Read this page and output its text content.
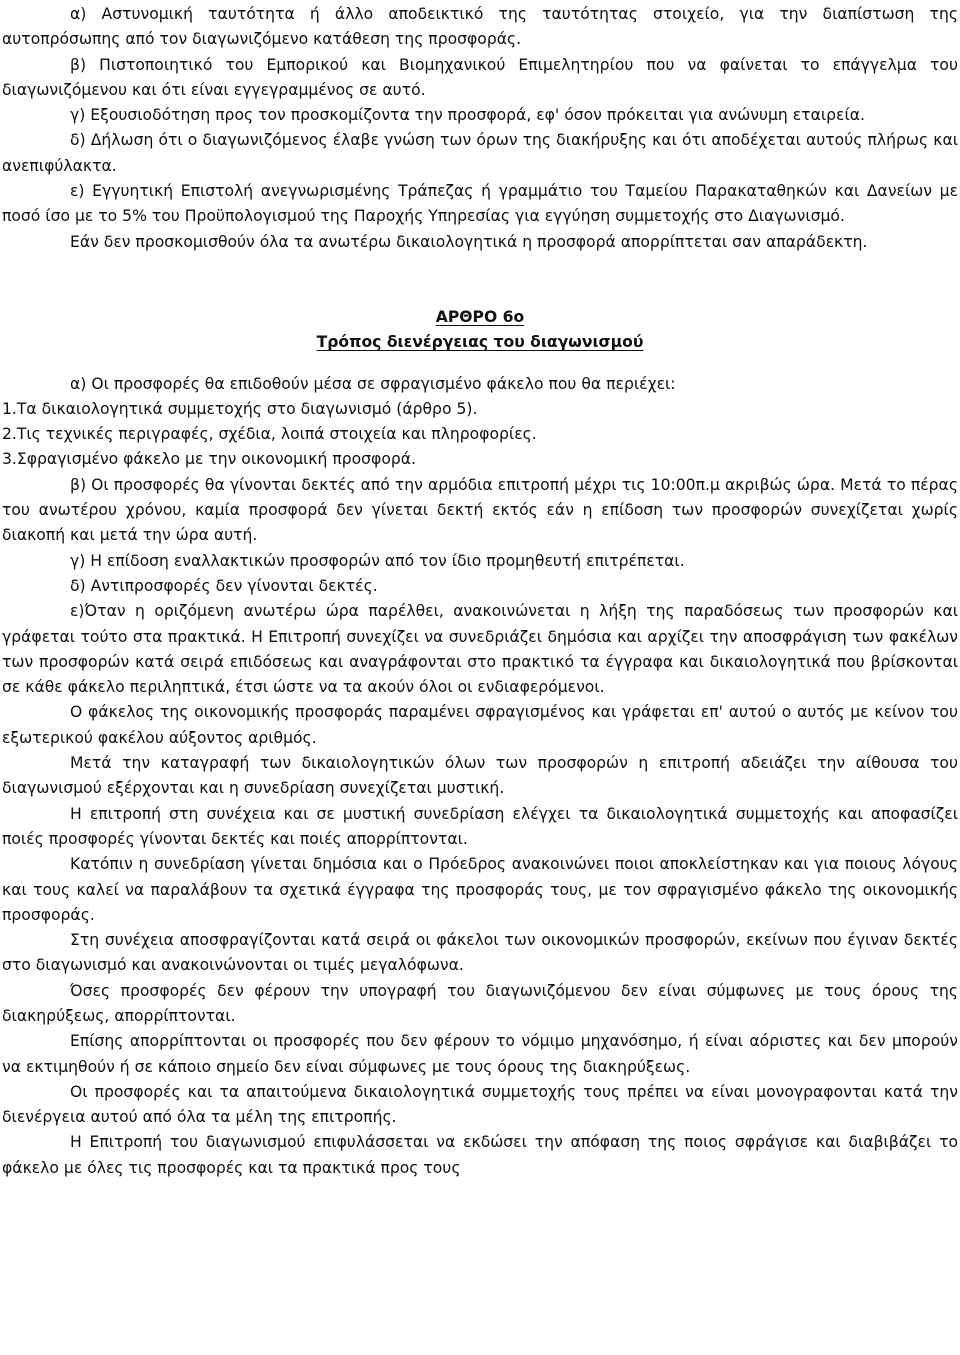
α) Αστυνομική ταυτότητα ή άλλο αποδεικτικό της ταυτότητας στοιχείο, για την διαπίστωση της αυτοπρόσωπης από τον διαγωνιζόμενο κατάθεση της προσφοράς.

β) Πιστοποιητικό του Εμπορικού και Βιομηχανικού Επιμελητηρίου που να φαίνεται το επάγγελμα του διαγωνιζόμενου και ότι είναι εγγεγραμμένος σε αυτό.

γ) Εξουσιοδότηση προς τον προσκομίζοντα την προσφορά, εφ' όσον πρόκειται για ανώνυμη εταιρεία.

δ) Δήλωση ότι ο διαγωνιζόμενος έλαβε γνώση των όρων της διακήρυξης και ότι αποδέχεται αυτούς πλήρως και ανεπιφύλακτα.

ε) Εγγυητική Επιστολή ανεγνωρισμένης Τράπεζας ή γραμμάτιο του Ταμείου Παρακαταθηκών και Δανείων με ποσό ίσο με το 5% του Προϋπολογισμού της Παροχής Υπηρεσίας για εγγύηση συμμετοχής στο Διαγωνισμό.

Εάν δεν προσκομισθούν όλα τα ανωτέρω δικαιολογητικά η προσφορά απορρίπτεται σαν απαράδεκτη.

ΑΡΘΡΟ 6ο

Τρόπος διενέργειας του διαγωνισμού

α) Οι προσφορές θα επιδοθούν μέσα σε σφραγισμένο φάκελο που θα περιέχει:

1.Τα δικαιολογητικά συμμετοχής στο διαγωνισμό (άρθρο 5).

2.Τις τεχνικές περιγραφές, σχέδια, λοιπά στοιχεία και πληροφορίες.

3.Σφραγισμένο φάκελο με την οικονομική προσφορά.

β) Οι προσφορές θα γίνονται δεκτές από την αρμόδια επιτροπή μέχρι τις 10:00π.μ ακριβώς ώρα. Μετά το πέρας του ανωτέρου χρόνου, καμία προσφορά δεν γίνεται δεκτή εκτός εάν η επίδοση των προσφορών συνεχίζεται χωρίς διακοπή και μετά την ώρα αυτή.

γ) Η επίδοση εναλλακτικών προσφορών από τον ίδιο προμηθευτή επιτρέπεται.

δ) Αντιπροσφορές δεν γίνονται δεκτές.

ε)Όταν η οριζόμενη ανωτέρω ώρα παρέλθει, ανακοινώνεται η λήξη της παραδόσεως των προσφορών και γράφεται τούτο στα πρακτικά. Η Επιτροπή συνεχίζει να συνεδριάζει δημόσια και αρχίζει την αποσφράγιση των φακέλων των προσφορών κατά σειρά επιδόσεως και αναγράφονται στο πρακτικό τα έγγραφα και δικαιολογητικά που βρίσκονται σε κάθε φάκελο περιληπτικά, έτσι ώστε να τα ακούν όλοι οι ενδιαφερόμενοι.

Ο φάκελος της οικονομικής προσφοράς παραμένει σφραγισμένος και γράφεται επ' αυτού ο αυτός με κείνον του εξωτερικού φακέλου αύξοντος αριθμός.

Μετά την καταγραφή των δικαιολογητικών όλων των προσφορών η επιτροπή αδειάζει την αίθουσα του διαγωνισμού εξέρχονται και η συνεδρίαση συνεχίζεται μυστική.

Η επιτροπή στη συνέχεια και σε μυστική συνεδρίαση ελέγχει τα δικαιολογητικά συμμετοχής και αποφασίζει ποιές προσφορές γίνονται δεκτές και ποιές απορρίπτονται.

Κατόπιν η συνεδρίαση γίνεται δημόσια και ο Πρόεδρος ανακοινώνει ποιοι αποκλείστηκαν και για ποιους λόγους και τους καλεί να παραλάβουν τα σχετικά έγγραφα της προσφοράς τους, με τον σφραγισμένο φάκελο της οικονομικής προσφοράς.

Στη συνέχεια αποσφραγίζονται κατά σειρά οι φάκελοι των οικονομικών προσφορών, εκείνων που έγιναν δεκτές στο διαγωνισμό και ανακοινώνονται οι τιμές μεγαλόφωνα.

Όσες προσφορές δεν φέρουν την υπογραφή του διαγωνιζόμενου δεν είναι σύμφωνες με τους όρους της διακηρύξεως, απορρίπτονται.

Επίσης απορρίπτονται οι προσφορές που δεν φέρουν το νόμιμο μηχανόσημο, ή είναι αόριστες και δεν μπορούν να εκτιμηθούν ή σε κάποιο σημείο δεν είναι σύμφωνες με τους όρους της διακηρύξεως.

Οι προσφορές και τα απαιτούμενα δικαιολογητικά συμμετοχής τους πρέπει να είναι μονογραφονται κατά την διενέργεια αυτού από όλα τα μέλη της επιτροπής.

Η Επιτροπή του διαγωνισμού επιφυλάσσεται να εκδώσει την απόφαση της ποιος σφράγισε και διαβιβάζει το φάκελο με όλες τις προσφορές και τα πρακτικά προς τους
